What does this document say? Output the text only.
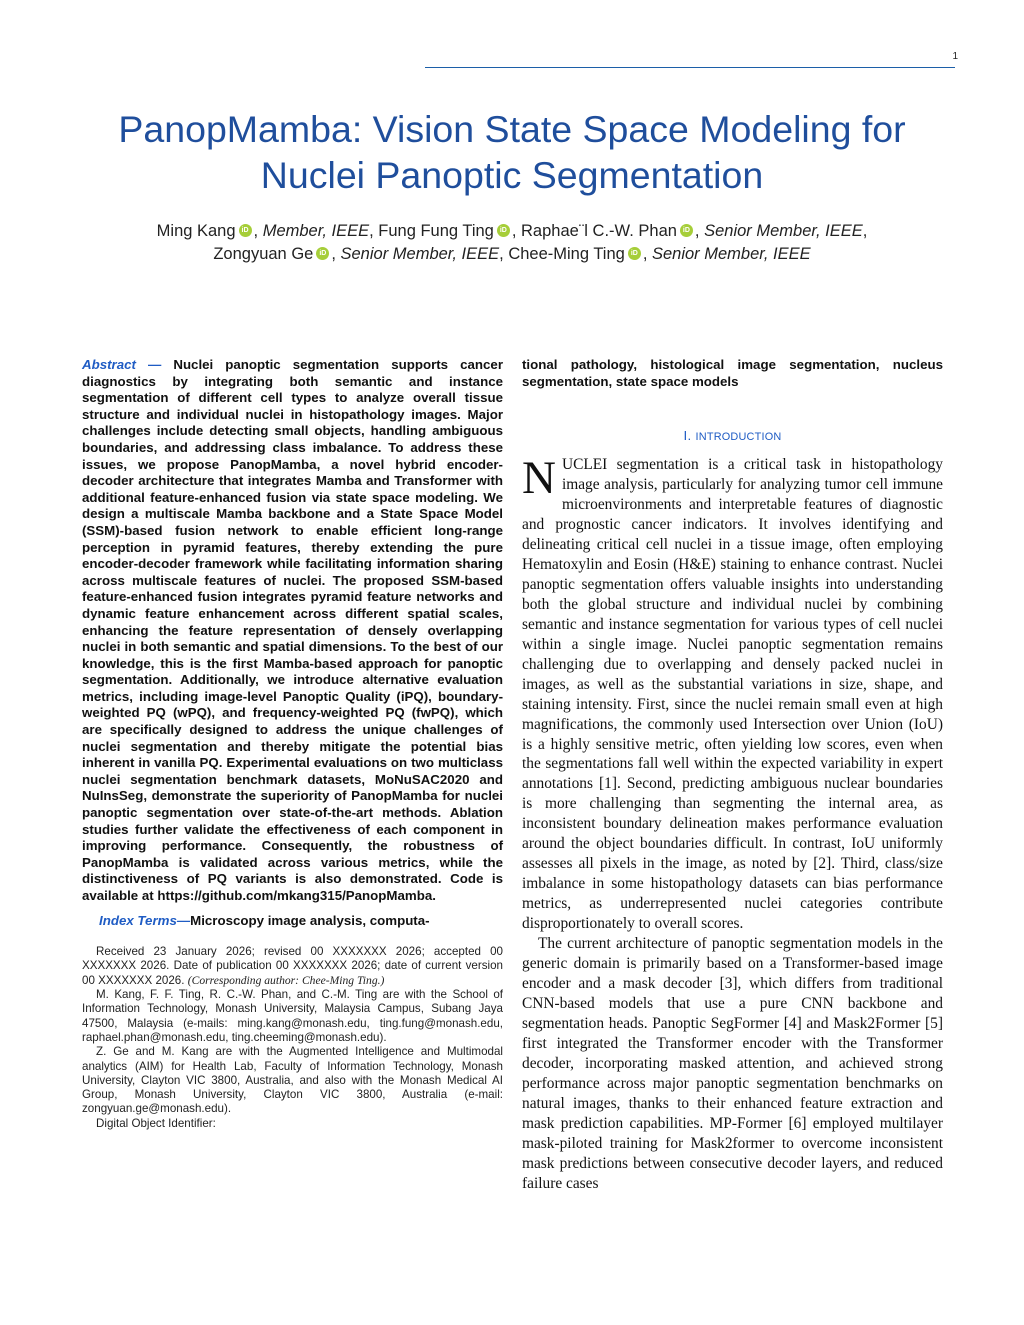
1
PanopMamba: Vision State Space Modeling for
Nuclei Panoptic Segmentation
Ming Kang iD , Member, IEEE, Fung Fung Ting iD , Raphae¨l C.-W. Phan iD , Senior Member, IEEE,
Zongyuan Ge iD , Senior Member, IEEE, Chee-Ming Ting iD , Senior Member, IEEE

Abstract — Nuclei panoptic segmentation supports cancer diagnostics by integrating both semantic and instance segmentation of different cell types to analyze overall tissue structure and individual nuclei in histopathology images. Major challenges include detecting small objects, handling ambiguous boundaries, and addressing class imbalance. To address these issues, we propose PanopMamba, a novel hybrid encoder-decoder architecture that integrates Mamba and Transformer with additional feature-enhanced fusion via state space modeling. We design a multiscale Mamba backbone and a State Space Model (SSM)-based fusion network to enable efficient long-range perception in pyramid features, thereby extending the pure encoder-decoder framework while facilitating information sharing across multiscale features of nuclei. The proposed SSM-based feature-enhanced fusion integrates pyramid feature networks and dynamic feature enhancement across different spatial scales, enhancing the feature representation of densely overlapping nuclei in both semantic and spatial dimensions. To the best of our knowledge, this is the first Mamba-based approach for panoptic segmentation. Additionally, we introduce alternative evaluation metrics, including image-level Panoptic Quality (iPQ), boundary-weighted PQ (wPQ), and frequency-weighted PQ (fwPQ), which are specifically designed to address the unique challenges of nuclei segmentation and thereby mitigate the potential bias inherent in vanilla PQ. Experimental evaluations on two multiclass nuclei segmentation benchmark datasets, MoNuSAC2020 and NuInsSeg, demonstrate the superiority of PanopMamba for nuclei panoptic segmentation over state-of-the-art methods. Ablation studies further validate the effectiveness of each component in improving performance. Consequently, the robustness of PanopMamba is validated across various metrics, while the distinctiveness of PQ variants is also demonstrated. Code is available at https://github.com/mkang315/PanopMamba.

Index Terms—Microscopy image analysis, computa-

Received 23 January 2026; revised 00 XXXXXXX 2026; accepted 00 XXXXXXX 2026. Date of publication 00 XXXXXXX 2026; date of current version 00 XXXXXXX 2026. (Corresponding author: Chee-Ming Ting.)

M. Kang, F. F. Ting, R. C.-W. Phan, and C.-M. Ting are with the School of Information Technology, Monash University, Malaysia Campus, Subang Jaya 47500, Malaysia (e-mails: ming.kang@monash.edu, ting.fung@monash.edu, raphael.phan@monash.edu, ting.cheeming@monash.edu).

Z. Ge and M. Kang are with the Augmented Intelligence and Multimodal analytics (AIM) for Health Lab, Faculty of Information Technology, Monash University, Clayton VIC 3800, Australia, and also with the Monash Medical AI Group, Monash University, Clayton VIC 3800, Australia (e-mail: zongyuan.ge@monash.edu).

Digital Object Identifier:

tional pathology, histological image segmentation, nucleus segmentation, state space models

I. INTRODUCTION

NUCLEI segmentation is a critical task in histopathology image analysis, particularly for analyzing tumor cell immune microenvironments and interpretable features of diagnostic and prognostic cancer indicators. It involves identifying and delineating critical cell nuclei in a tissue image, often employing Hematoxylin and Eosin (H&E) staining to enhance contrast. Nuclei panoptic segmentation offers valuable insights into understanding both the global structure and individual nuclei by combining semantic and instance segmentation for various types of cell nuclei within a single image. Nuclei panoptic segmentation remains challenging due to overlapping and densely packed nuclei in images, as well as the substantial variations in size, shape, and staining intensity. First, since the nuclei remain small even at high magnifications, the commonly used Intersection over Union (IoU) is a highly sensitive metric, often yielding low scores, even when the segmentations fall well within the expected variability in expert annotations [1]. Second, predicting ambiguous nuclear boundaries is more challenging than segmenting the internal area, as inconsistent boundary delineation makes performance evaluation around the object boundaries difficult. In contrast, IoU uniformly assesses all pixels in the image, as noted by [2]. Third, class/size imbalance in some histopathology datasets can bias performance metrics, as underrepresented nuclei categories contribute disproportionately to overall scores.

The current architecture of panoptic segmentation models in the generic domain is primarily based on a Transformer-based image encoder and a mask decoder [3], which differs from traditional CNN-based models that use a pure CNN backbone and segmentation heads. Panoptic SegFormer [4] and Mask2Former [5] first integrated the Transformer encoder with the Transformer decoder, incorporating masked attention, and achieved strong performance across major panoptic segmentation benchmarks on natural images, thanks to their enhanced feature extraction and mask prediction capabilities. MP-Former [6] employed multilayer mask-piloted training for Mask2former to overcome inconsistent mask predictions between consecutive decoder layers, and reduced failure cases
